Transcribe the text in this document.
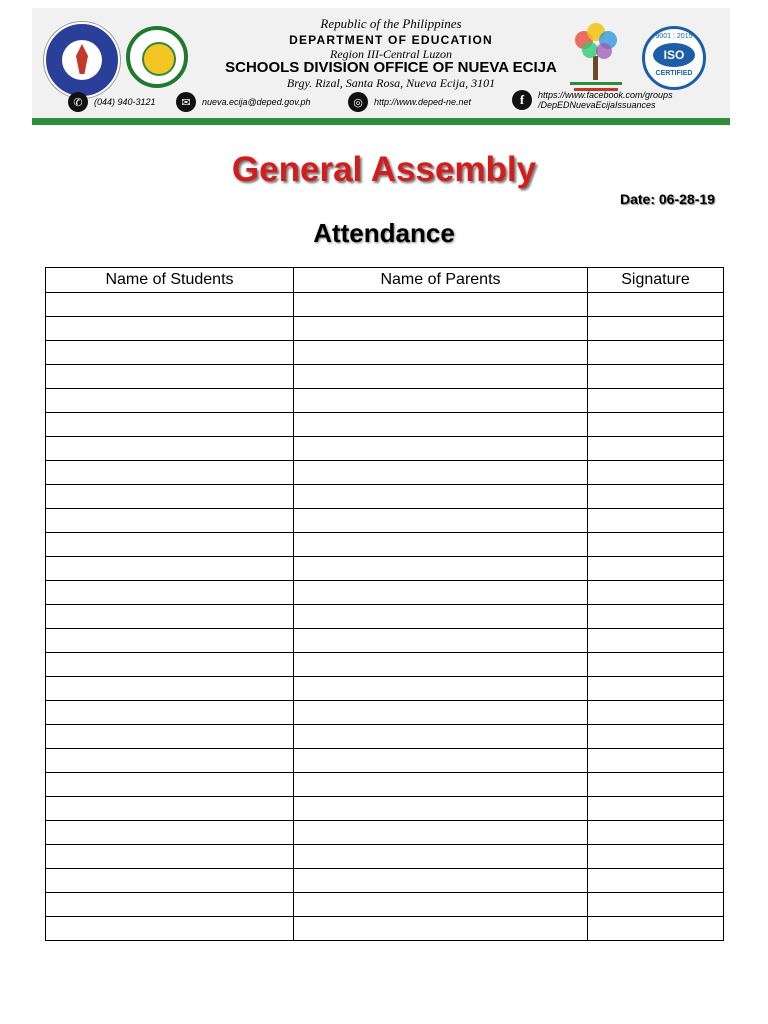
Republic of the Philippines
DEPARTMENT OF EDUCATION
Region III-Central Luzon
SCHOOLS DIVISION OFFICE OF NUEVA ECIJA
Brgy. Rizal, Santa Rosa, Nueva Ecija, 3101
9001 : 2015
ISO
CERTIFIED
✆	(044) 940-3121	✉	nueva.ecija@deped.gov.ph	◎	http://www.deped-ne.net	f	https://www.facebook.com/groups
/DepEDNuevaEcijaIssuances
General Assembly
Date: 06-28-19
Attendance
Name of Students	Name of Parents	Signature
